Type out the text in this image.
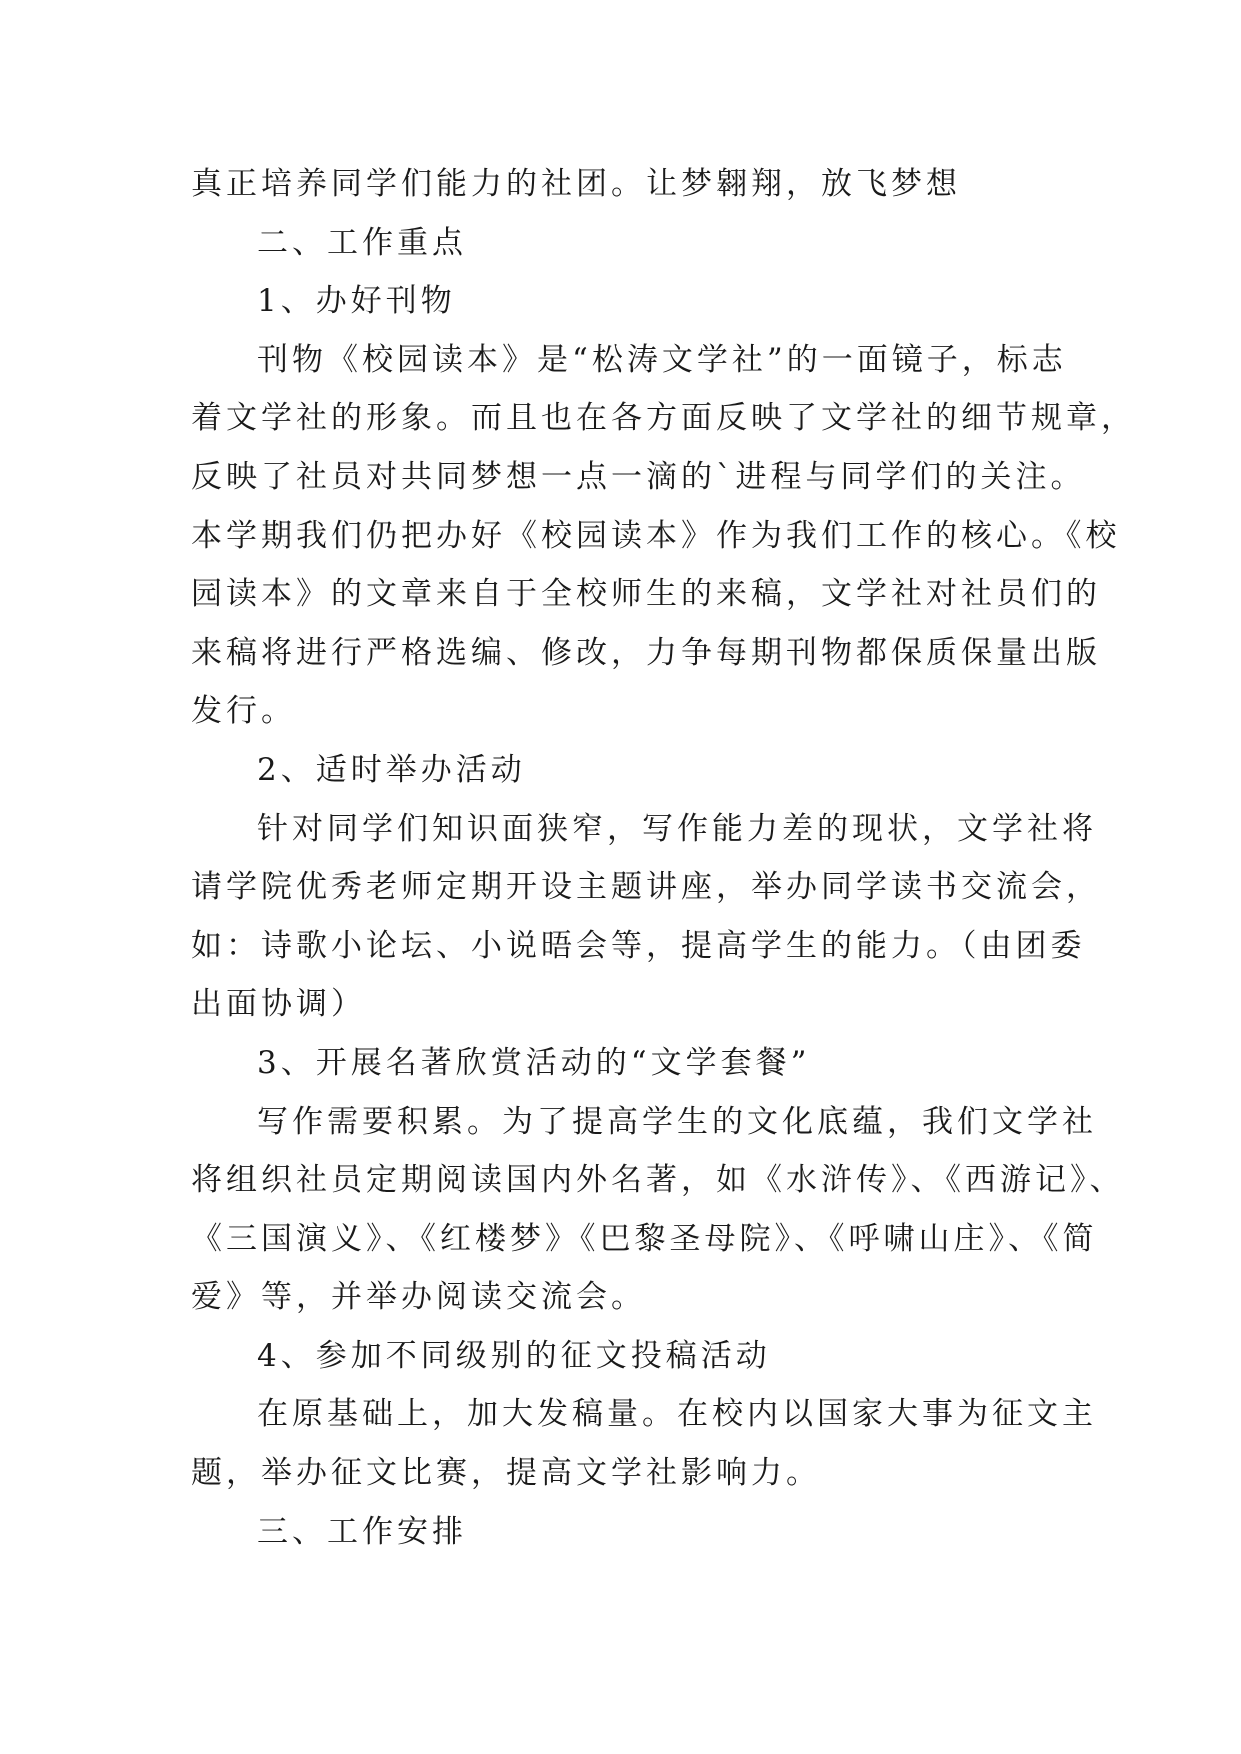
真正培养同学们能力的社团。让梦翱翔，放飞梦想
二、工作重点
1、办好刊物
刊物《校园读本》是“松涛文学社”的一面镜子，标志
着文学社的形象。而且也在各方面反映了文学社的细节规章，
反映了社员对共同梦想一点一滴的`进程与同学们的关注。
本学期我们仍把办好《校园读本》作为我们工作的核心。《校
园读本》的文章来自于全校师生的来稿，文学社对社员们的
来稿将进行严格选编、修改，力争每期刊物都保质保量出版
发行。
2、适时举办活动
针对同学们知识面狭窄，写作能力差的现状，文学社将
请学院优秀老师定期开设主题讲座，举办同学读书交流会，
如：诗歌小论坛、小说晤会等，提高学生的能力。（由团委
出面协调）
3、开展名著欣赏活动的“文学套餐”
写作需要积累。为了提高学生的文化底蕴，我们文学社
将组织社员定期阅读国内外名著，如《水浒传》、《西游记》、
《三国演义》、《红楼梦》《巴黎圣母院》、《呼啸山庄》、《简
爱》等，并举办阅读交流会。
4、参加不同级别的征文投稿活动
在原基础上，加大发稿量。在校内以国家大事为征文主
题，举办征文比赛，提高文学社影响力。
三、工作安排
